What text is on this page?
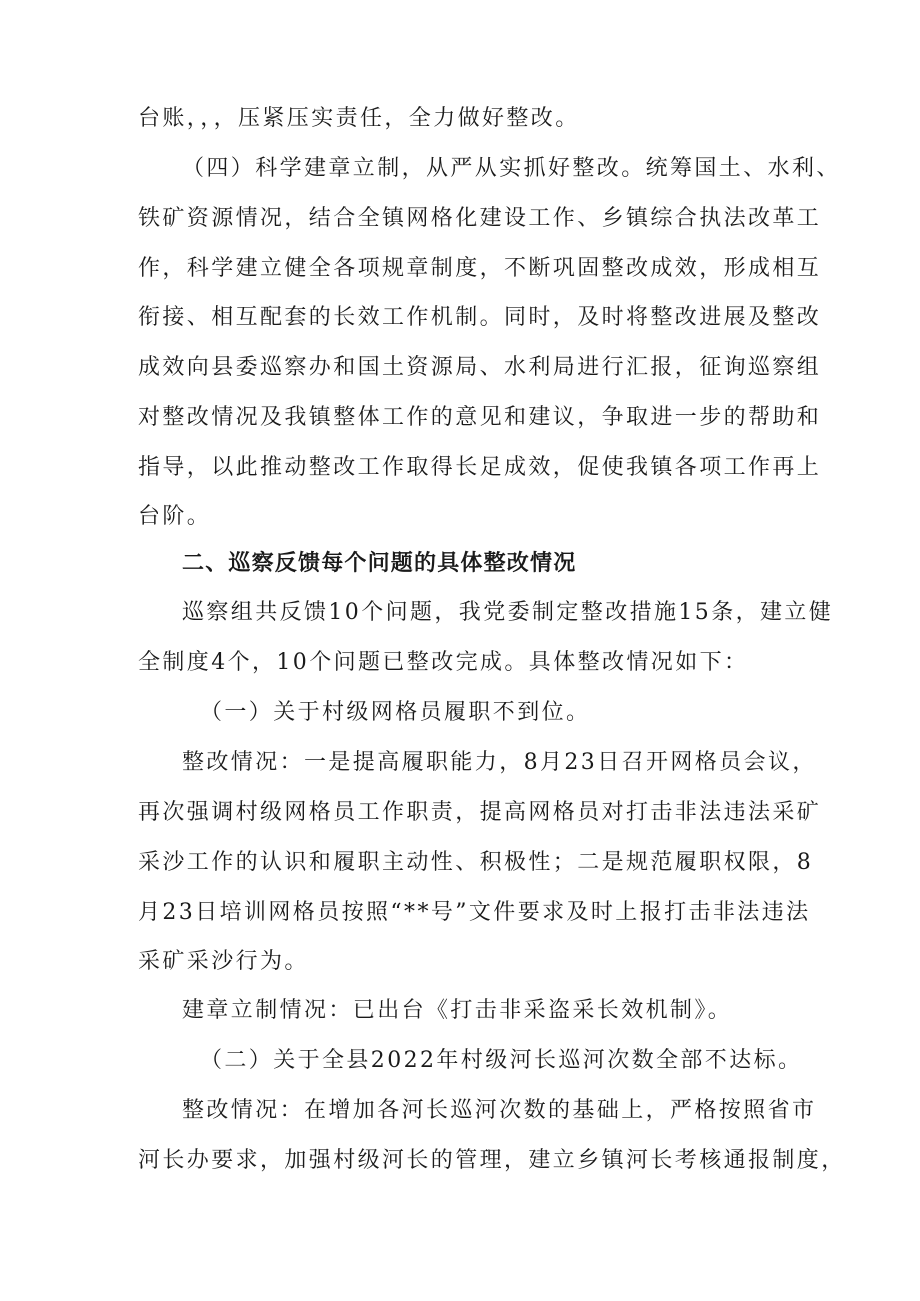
台账，，，压紧压实责任，全力做好整改。
（四）科学建章立制，从严从实抓好整改。统筹国土、水利、
铁矿资源情况，结合全镇网格化建设工作、乡镇综合执法改革工
作，科学建立健全各项规章制度，不断巩固整改成效，形成相互
衔接、相互配套的长效工作机制。同时，及时将整改进展及整改
成效向县委巡察办和国土资源局、水利局进行汇报，征询巡察组
对整改情况及我镇整体工作的意见和建议，争取进一步的帮助和
指导，以此推动整改工作取得长足成效，促使我镇各项工作再上
台阶。
二、巡察反馈每个问题的具体整改情况
巡察组共反馈10个问题，我党委制定整改措施15条，建立健
全制度4个，10个问题已整改完成。具体整改情况如下：
（一）关于村级网格员履职不到位。
整改情况：一是提高履职能力，8月23日召开网格员会议，
再次强调村级网格员工作职责，提高网格员对打击非法违法采矿
采沙工作的认识和履职主动性、积极性；二是规范履职权限，8
月23日培训网格员按照“**号”文件要求及时上报打击非法违法
采矿采沙行为。
建章立制情况：已出台《打击非采盗采长效机制》。
（二）关于全县2022年村级河长巡河次数全部不达标。
整改情况：在增加各河长巡河次数的基础上，严格按照省市
河长办要求，加强村级河长的管理，建立乡镇河长考核通报制度，
